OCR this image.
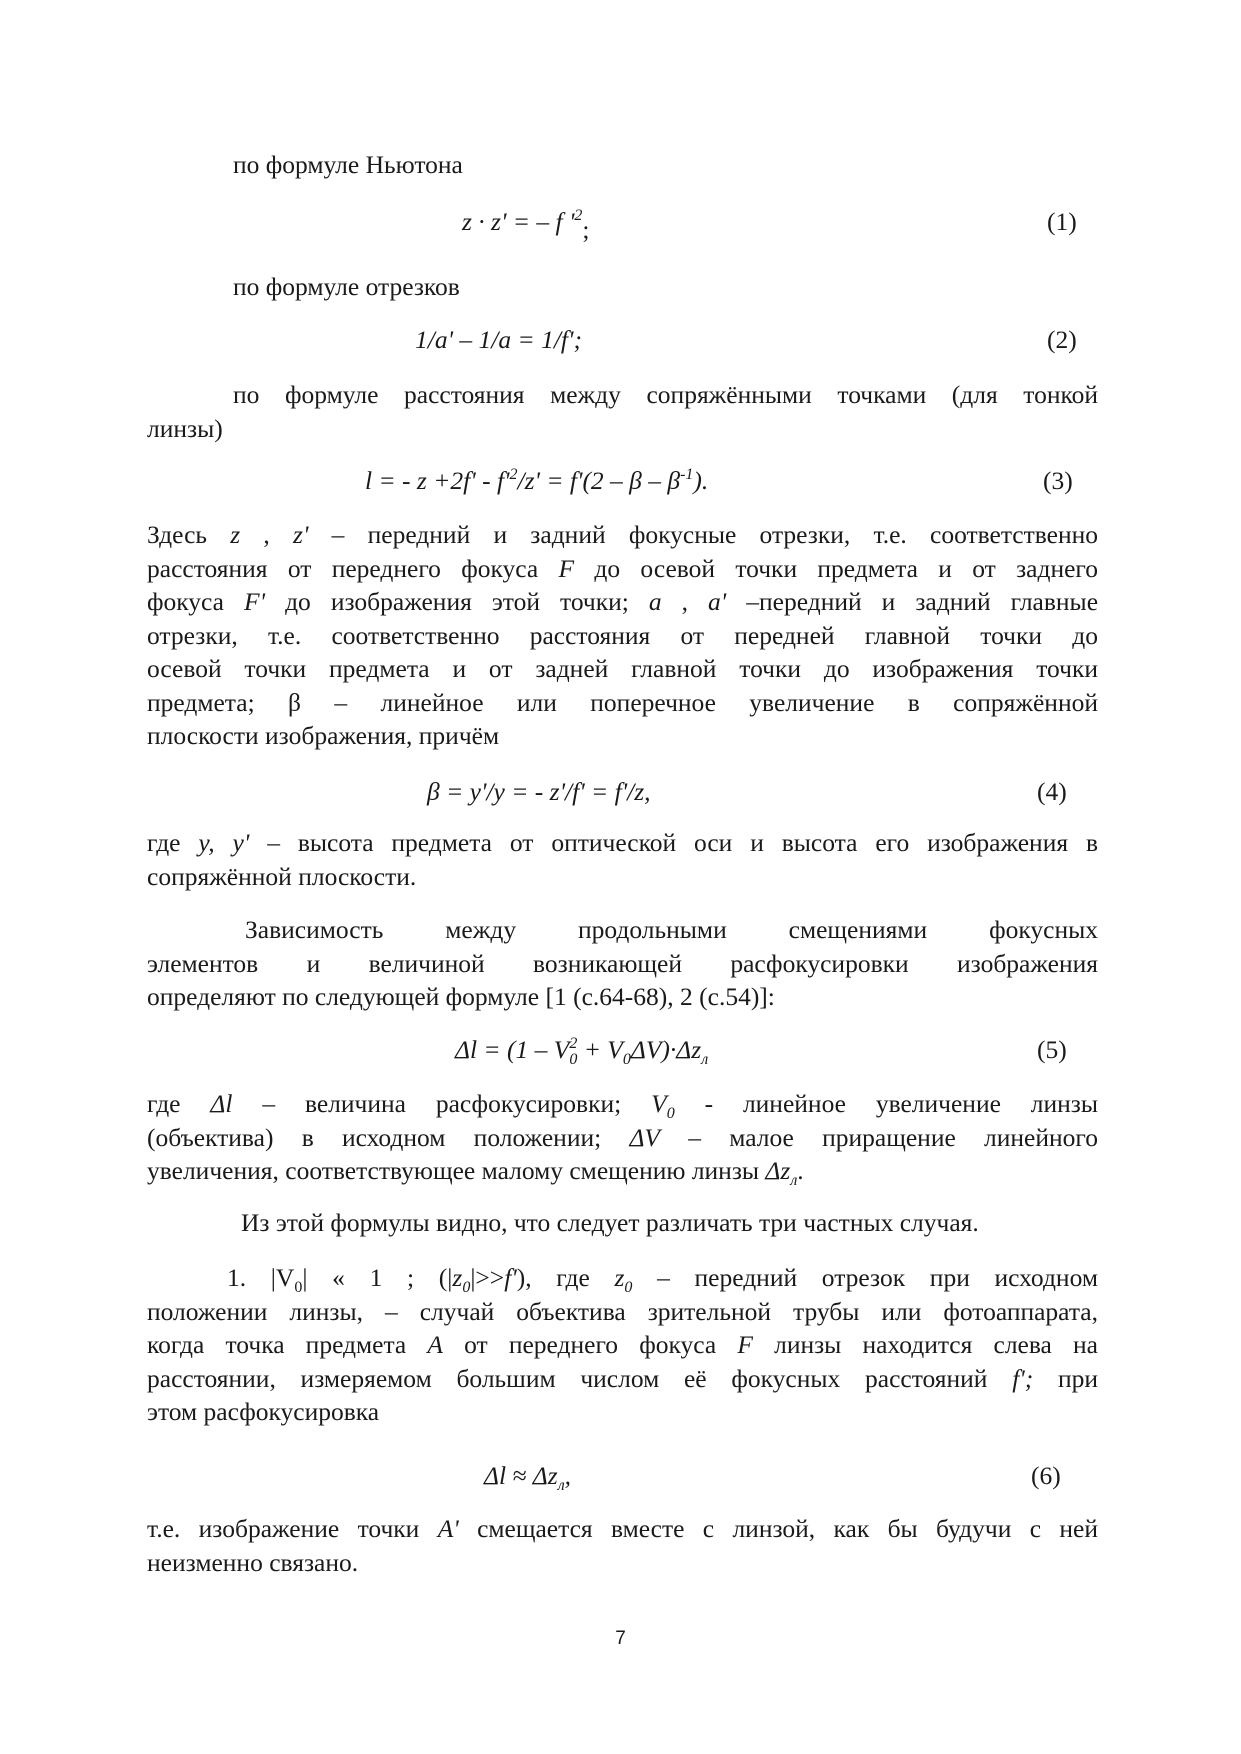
по формуле Ньютона
z · z' = – f '$^2$;	(1)
по формуле отрезков
1/a' – 1/a = 1/f';	(2)

по формуле расстояния между сопряжёнными точками (для тонкой

линзы)

l = - $z +2f' - f'^2/z' = f'(2 - \beta - \beta^{-1})$.	(3)

Здесь z , z' – передний и задний фокусные отрезки, т.е. соответственно

расстояния от переднего фокуса F до осевой точки предмета и от заднего

фокуса F' до изображения этой точки; a , a' –передний и задний главные

отрезки, т.е. соответственно расстояния от передней главной точки до

осевой точки предмета и от задней главной точки до изображения точки

предмета; β – линейное или поперечное увеличение в сопряжённой

плоскости изображения, причём

β = y'/y = - z'/f' = f'/z,	(4)

где y, y' – высота предмета от оптической оси и высота его изображения в

сопряжённой плоскости.

Зависимость между продольными смещениями фокусных

элементов и величиной возникающей расфокусировки изображения

определяют по следующей формуле [1 (с.64-68), 2 (с.54)]:

$\Delta l = (1 - V_0^2 + V_0\Delta V)\cdot\Delta z_л$	(5)

где Δl – величина расфокусировки; $V_0$ - линейное увеличение линзы

(объектива) в исходном положении; ΔV – малое приращение линейного

увеличения, соответствующее малому смещению линзы $\Delta z_л$.

Из этой формулы видно, что следует различать три частных случая.

1. $|V_0|$ « 1 ; $(|z_0|>>f')$, где $z_0$ – передний отрезок при исходном

положении линзы, – случай объектива зрительной трубы или фотоаппарата,

когда точка предмета A от переднего фокуса F линзы находится слева на

расстоянии, измеряемом большим числом её фокусных расстояний f'; при

этом расфокусировка

$\Delta l \approx \Delta z_л$,	(6)

т.е. изображение точки A' смещается вместе с линзой, как бы будучи с ней

неизменно связано.

7
